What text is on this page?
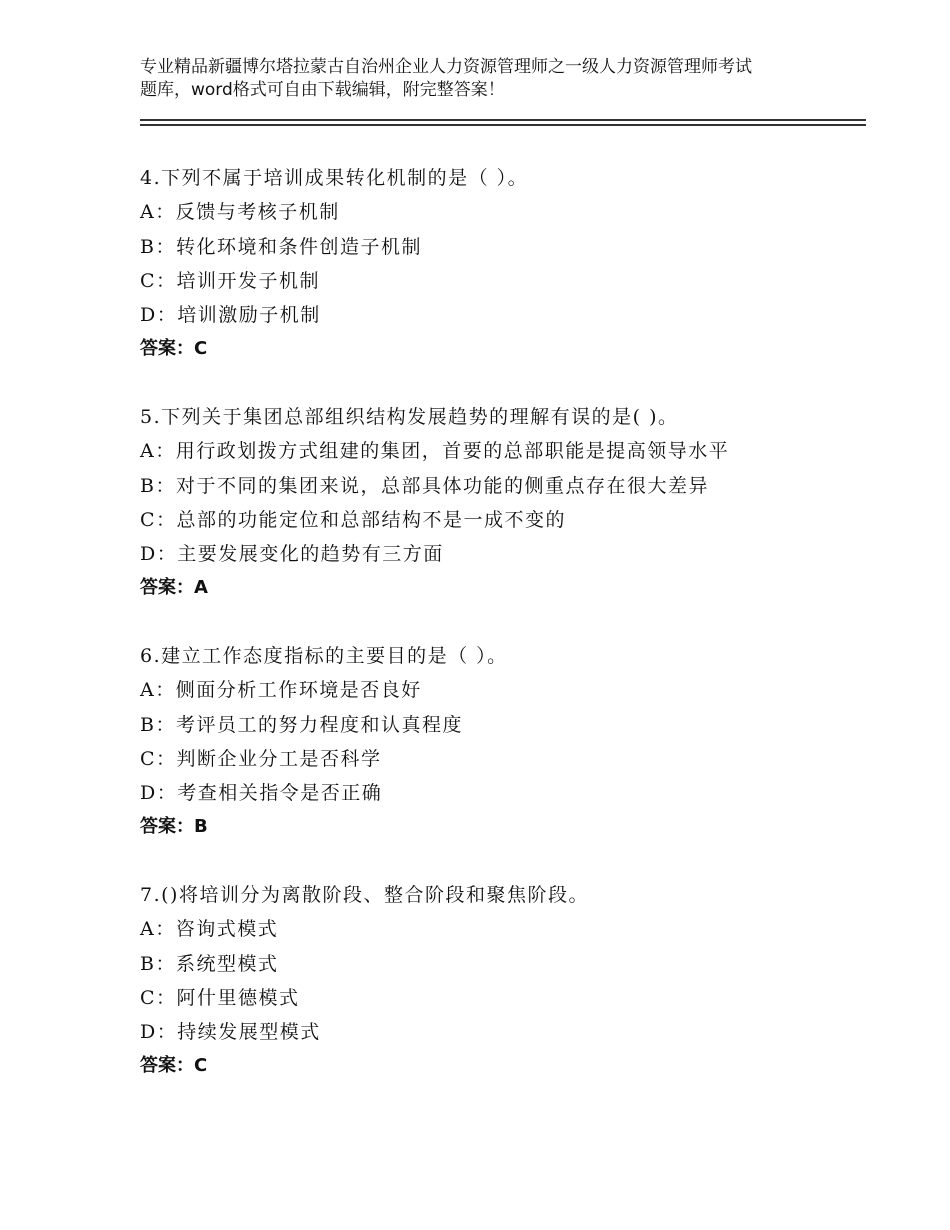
专业精品新疆博尔塔拉蒙古自治州企业人力资源管理师之一级人力资源管理师考试
题库，word格式可自由下载编辑，附完整答案！
4.下列不属于培训成果转化机制的是（ ）。
A：反馈与考核子机制
B：转化环境和条件创造子机制
C：培训开发子机制
D：培训激励子机制
答案：C
5.下列关于集团总部组织结构发展趋势的理解有误的是( )。
A：用行政划拨方式组建的集团，首要的总部职能是提高领导水平
B：对于不同的集团来说，总部具体功能的侧重点存在很大差异
C：总部的功能定位和总部结构不是一成不变的
D：主要发展变化的趋势有三方面
答案：A
6.建立工作态度指标的主要目的是（ ）。
A：侧面分析工作环境是否良好
B：考评员工的努力程度和认真程度
C：判断企业分工是否科学
D：考查相关指令是否正确
答案：B
7.()将培训分为离散阶段、整合阶段和聚焦阶段。
A：咨询式模式
B：系统型模式
C：阿什里德模式
D：持续发展型模式
答案：C
